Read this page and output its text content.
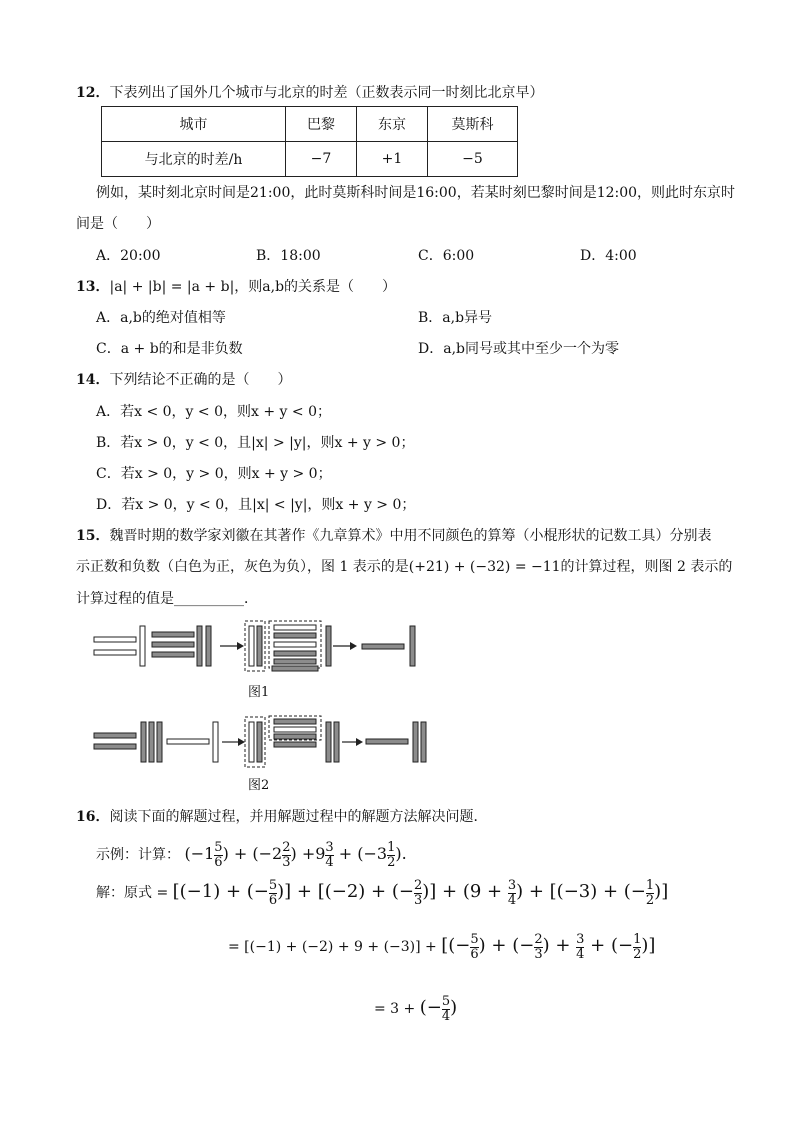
12．下表列出了国外几个城市与北京的时差（正数表示同一时刻比北京早）
城市	巴黎	东京	莫斯科
与北京的时差/h	−7	+1	−5
例如，某时刻北京时间是21:00，此时莫斯科时间是16:00，若某时刻巴黎时间是12:00，则此时东京时
间是（　　）
A．20:00	B．18:00	C．6:00	D．4:00
13．|a| + |b| = |a + b|，则a,b的关系是（　　）
A．a,b的绝对值相等	B．a,b异号
C．a + b的和是非负数	D．a,b同号或其中至少一个为零
14．下列结论不正确的是（　　）
A．若x < 0，y < 0，则x + y < 0；
B．若x > 0，y < 0，且|x| > |y|，则x + y > 0；
C．若x > 0，y > 0，则x + y > 0；
D．若x > 0，y < 0，且|x| < |y|，则x + y > 0；
15．魏晋时期的数学家刘徽在其著作《九章算术》中用不同颜色的算筹（小棍形状的记数工具）分别表
示正数和负数（白色为正，灰色为负），图 1 表示的是(+21) + (−32) = −11的计算过程，则图 2 表示的
计算过程的值是__________．
图1
图2
16．阅读下面的解题过程，并用解题过程中的解题方法解决问题．
示例：计算： ($-1 \frac{5}{6}$ ) + ($-2 \frac{2}{3}$ ) $+9 \frac{3}{4} + (-3 \frac{1}{2}$ ).
解：原式 = [(−1) + (− $\frac{5}{6}$ )] + [(−2) + (− $\frac{2}{3}$ )] + ($9 + \frac{3}{4}$ ) + [(−3) + (− $\frac{1}{2}$ )]
= [(−1) + (−2) + 9 + (−3)] + [(− $\frac{5}{6}$ ) + (− $\frac{2}{3}$ ) + $\frac{3}{4}$ + (− $\frac{1}{2}$ )]
= 3 + (− $\frac{5}{4}$ )
